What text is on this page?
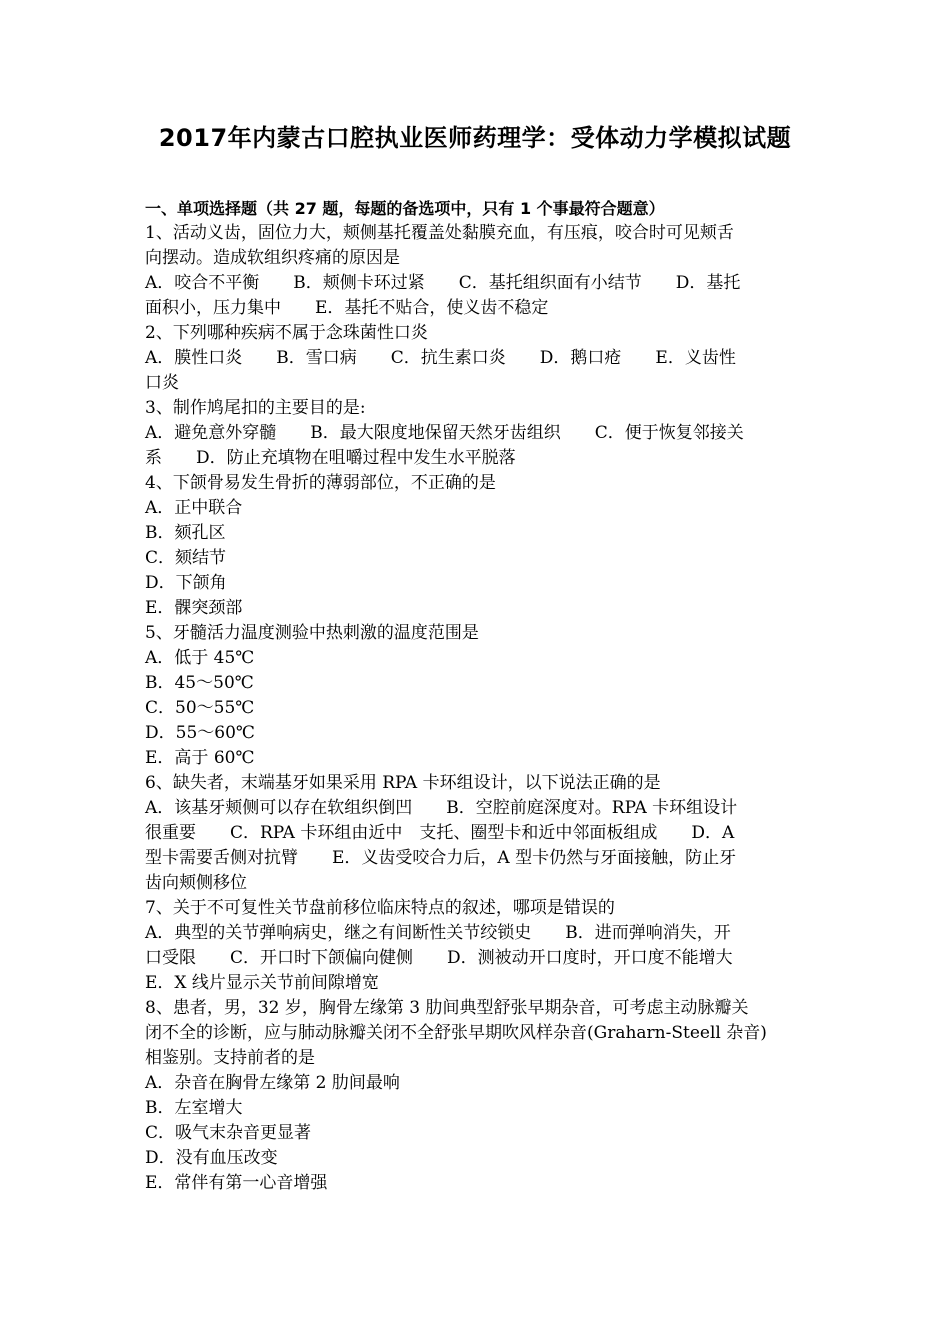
2017年内蒙古口腔执业医师药理学：受体动力学模拟试题

一、单项选择题（共 27 题，每题的备选项中，只有 1 个事最符合题意）

1、活动义齿，固位力大，颊侧基托覆盖处黏膜充血，有压痕，咬合时可见颊舌

向摆动。造成软组织疼痛的原因是

A．咬合不平衡　　B．颊侧卡环过紧　　C．基托组织面有小结节　　D．基托

面积小，压力集中　　E．基托不贴合，使义齿不稳定

2、下列哪种疾病不属于念珠菌性口炎

A．膜性口炎　　B．雪口病　　C．抗生素口炎　　D．鹅口疮　　E．义齿性

口炎

3、制作鸠尾扣的主要目的是:

A．避免意外穿髓　　B．最大限度地保留天然牙齿组织　　C．便于恢复邻接关

系　　D．防止充填物在咀嚼过程中发生水平脱落

4、下颌骨易发生骨折的薄弱部位，不正确的是

A．正中联合

B．颏孔区

C．颏结节

D．下颌角

E．髁突颈部

5、牙髓活力温度测验中热刺激的温度范围是

A．低于 45℃

B．45～50℃

C．50～55℃

D．55～60℃

E．高于 60℃

6、缺失者，末端基牙如果采用 RPA 卡环组设计，以下说法正确的是

A．该基牙颊侧可以存在软组织倒凹　　B．空腔前庭深度对。RPA 卡环组设计

很重要　　C．RPA 卡环组由近中　支托、圈型卡和近中邻面板组成　　D．A

型卡需要舌侧对抗臂　　E．义齿受咬合力后，A 型卡仍然与牙面接触，防止牙

齿向颊侧移位

7、关于不可复性关节盘前移位临床特点的叙述，哪项是错误的

A．典型的关节弹响病史，继之有间断性关节绞锁史　　B．进而弹响消失，开

口受限　　C．开口时下颌偏向健侧　　D．测被动开口度时，开口度不能增大

E．X 线片显示关节前间隙增宽

8、患者，男，32 岁，胸骨左缘第 3 肋间典型舒张早期杂音，可考虑主动脉瓣关

闭不全的诊断，应与肺动脉瓣关闭不全舒张早期吹风样杂音(Graharn-Steell 杂音)

相鉴别。支持前者的是

A．杂音在胸骨左缘第 2 肋间最响

B．左室增大

C．吸气末杂音更显著

D．没有血压改变

E．常伴有第一心音增强
